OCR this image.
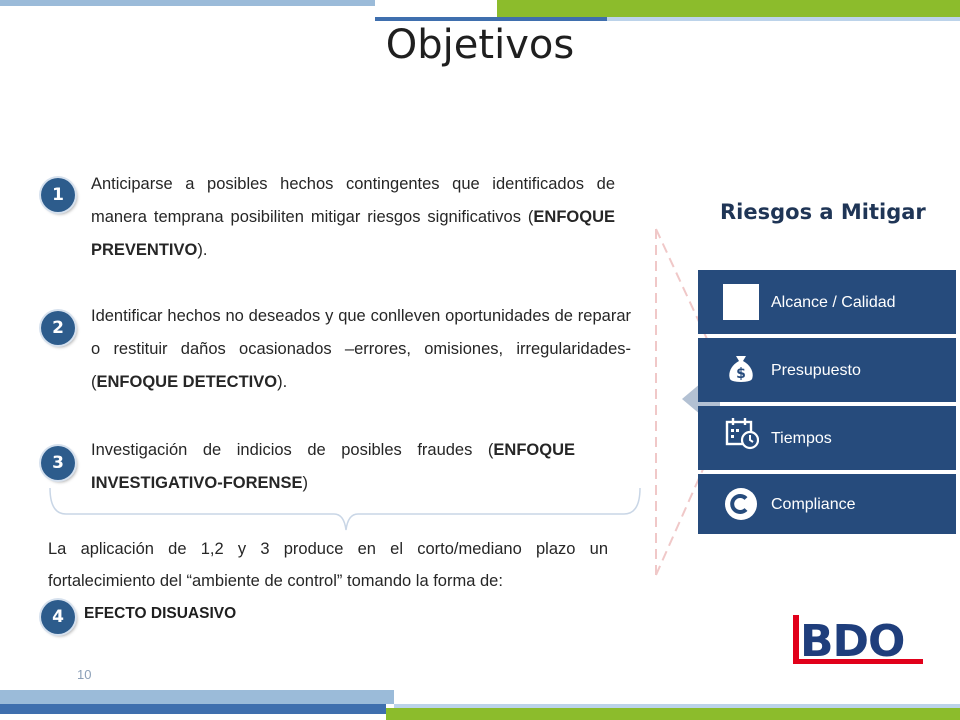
Objetivos
1
Anticiparse a posibles hechos contingentes que identificados de manera temprana posibiliten mitigar riesgos significativos (ENFOQUE PREVENTIVO).
2
Identificar hechos no deseados y que conlleven oportunidades de reparar o restituir daños ocasionados –errores, omisiones, irregularidades- (ENFOQUE DETECTIVO).
3
Investigación de indicios de posibles fraudes (ENFOQUE INVESTIGATIVO-FORENSE)
La aplicación de 1,2 y 3 produce en el corto/mediano plazo un fortalecimiento del “ambiente de control” tomando la forma de:
4	EFECTO DISUASIVO
10
Riesgos a Mitigar
Alcance / Calidad
$ Presupuesto
Tiempos
Compliance
BDO
